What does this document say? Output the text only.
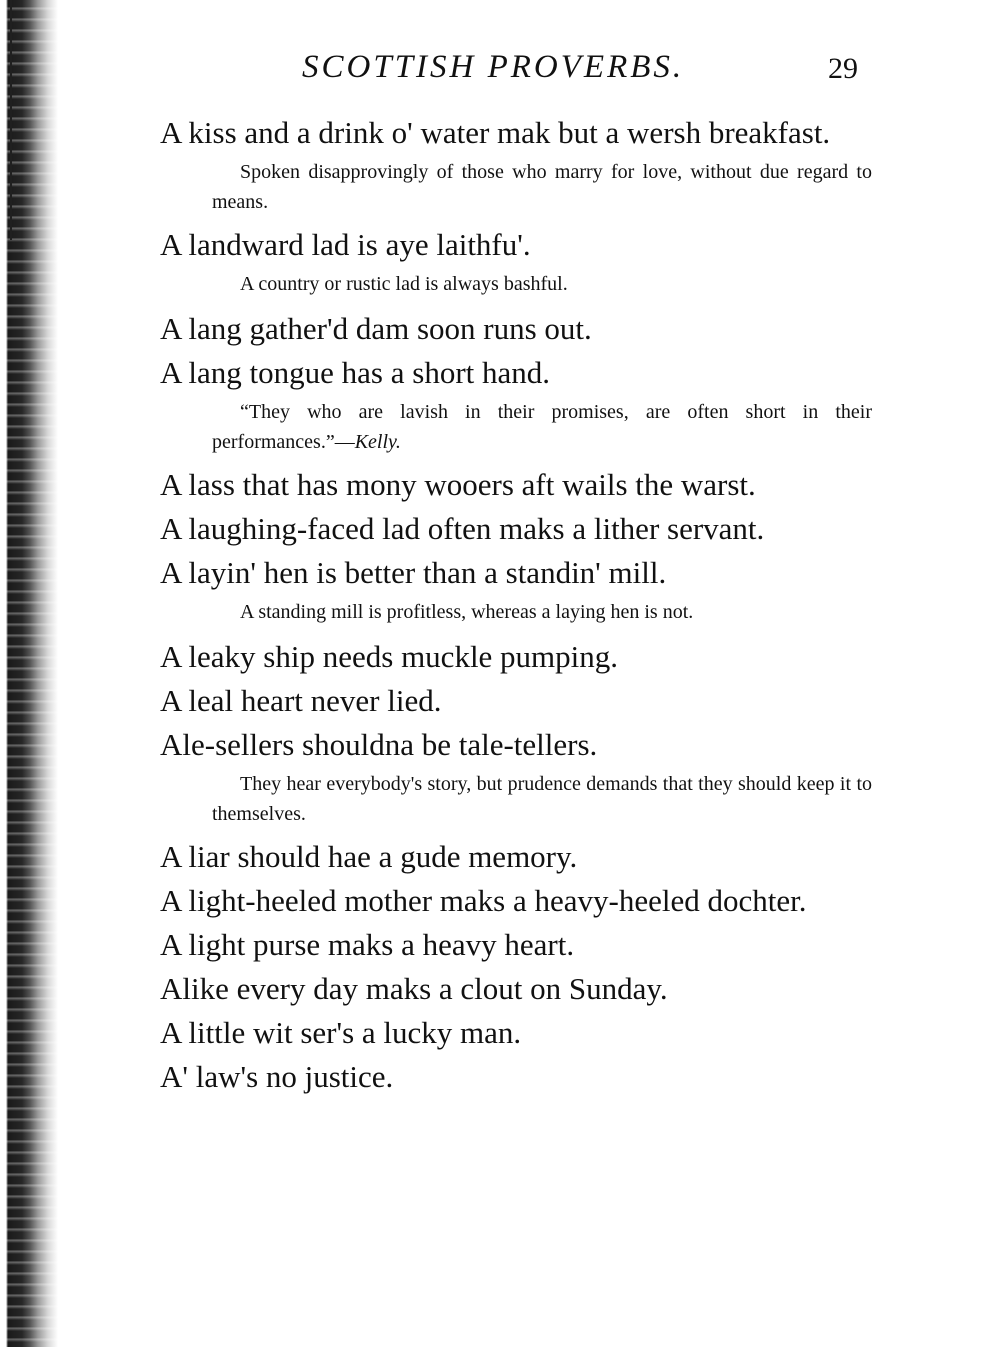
SCOTTISH PROVERBS.	29

A kiss and a drink o' water mak but a wersh breakfast.

Spoken disapprovingly of those who marry for love, without due regard to means.

A landward lad is aye laithfu'.

A country or rustic lad is always bashful.

A lang gather'd dam soon runs out.

A lang tongue has a short hand.

“They who are lavish in their promises, are often short in their performances.”—Kelly.

A lass that has mony wooers aft wails the warst.

A laughing-faced lad often maks a lither servant.

A layin' hen is better than a standin' mill.

A standing mill is profitless, whereas a laying hen is not.

A leaky ship needs muckle pumping.

A leal heart never lied.

Ale-sellers shouldna be tale-tellers.

They hear everybody's story, but prudence demands that they should keep it to themselves.

A liar should hae a gude memory.

A light-heeled mother maks a heavy-heeled dochter.

A light purse maks a heavy heart.

Alike every day maks a clout on Sunday.

A little wit ser's a lucky man.

A' law's no justice.
